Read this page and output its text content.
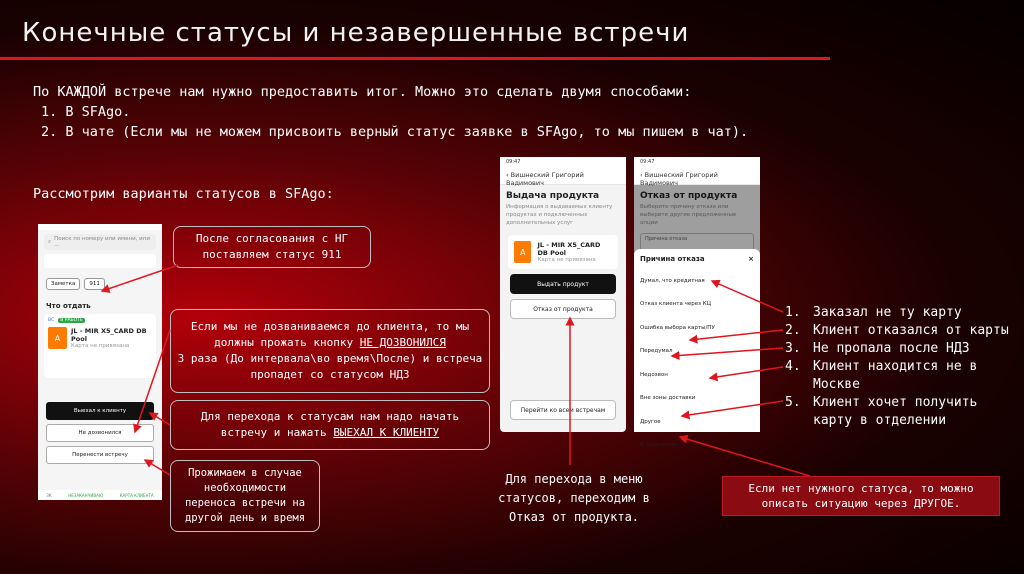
Конечные статусы и незавершенные встречи
По КАЖДОЙ встрече нам нужно предоставить итог. Можно это сделать двумя способами:
1. В SFAgo.
2. В чате (Если мы не можем присвоить верный статус заявке в SFAgo, то мы пишем в чат).
Рассмотрим варианты статусов в SFAgo:
⌕ Поиск по номеру или имени, ипи ...
Заметка	911
Что отдать
ВС	В РАБОТЕ
А
JL - MIR X5_CARD DB Pool
Карта не привязана
Выехал к клиенту
Не дозвонился
Перенести встречу
ЗК	НЕЗАКАНЧИВАЮ	КАРТА КЛИЕНТА
09:47
‹ Вишнеский Григорий Вадимович
Выдача продукта
Информация о выдаваемых клиенту продуктах и подключенных дополнительных услуг
А
JL - MIR X5_CARD DB Pool
Карта не привязана
Выдать продукт
Отказ от продукта
Перейти ко всем встречам
09:47
‹ Вишнеский Григорий Вадимович
Отказ от продукта
Выберите причину отказа или выберите другие предложенные опции
Причина отказа
Причина отказа	×
Думал, что кредитная
Отказ клиента через КЦ
Ошибка выбора карты/ПУ
Передумал
Недозвон
Вне зоны доставки
Другое
В отделении
После согласования с НГ поставляем статус 911
Если мы не дозваниваемся до клиента, то мы должны прожать кнопку НЕ ДОЗВОНИЛСЯ
3 раза (До интервала\во время\После) и встреча пропадет со статусом НДЗ
Для перехода к статусам нам надо начать встречу и нажать ВЫЕХАЛ К КЛИЕНТУ
Прожимаем в случае необходимости переноса встречи на другой день и время
Для перехода в меню статусов, переходим в Отказ от продукта.
1. Заказал не ту карту
2. Клиент отказался от карты
3. Не пропала после НДЗ
4. Клиент находится не в Москве
5. Клиент хочет получить карту в отделении
Если нет нужного статуса, то можно описать ситуацию через ДРУГОЕ.
